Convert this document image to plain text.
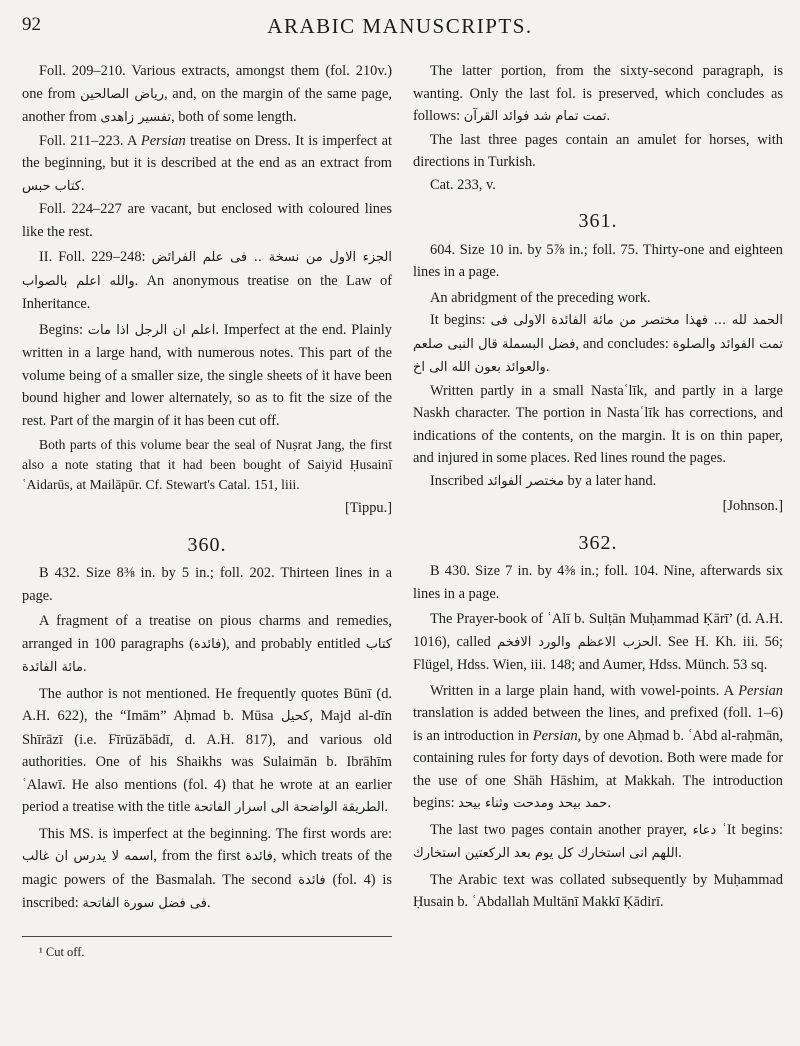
92	ARABIC MANUSCRIPTS.

Foll. 209–210. Various extracts, amongst them (fol. 210v.) one from رياض الصالحين, and, on the margin of the same page, another from تفسير زاهدى, both of some length.

Foll. 211–223. A Persian treatise on Dress. It is imperfect at the beginning, but it is described at the end as an extract from كتاب حبس.

Foll. 224–227 are vacant, but enclosed with coloured lines like the rest.

II. Foll. 229–248: الجزء الاول من نسخة .. فى علم الفرائض والله اعلم بالصواب. An anonymous treatise on the Law of Inheritance.

Begins: اعلم ان الرجل اذا مات. Imperfect at the end. Plainly written in a large hand, with numerous notes. This part of the volume being of a smaller size, the single sheets of it have been bound higher and lower alternately, so as to fit the size of the rest. Part of the margin of it has been cut off.

Both parts of this volume bear the seal of Nuṣrat Jang, the first also a note stating that it had been bought of Saiyid Ḥusainī ʿAidarūs, at Mailāpūr. Cf. Stewart's Catal. 151, liii.

[Tippu.]

360.

B 432. Size 8⅜ in. by 5 in.; foll. 202. Thirteen lines in a page.

A fragment of a treatise on pious charms and remedies, arranged in 100 paragraphs (فائدة), and probably entitled كتاب مائة الفائدة.

The author is not mentioned. He frequently quotes Būnī (d. A.H. 622), the “Imām” Aḥmad b. Mūsa كحيل, Majd al-dīn Shīrāzī (i.e. Fīrūzābādī, d. A.H. 817), and various old authorities. One of his Shaikhs was Sulaimān b. Ibrāhīm ʿAlawī. He also mentions (fol. 4) that he wrote at an earlier period a treatise with the title الطريقة الواضحة الى اسرار الفاتحة.

This MS. is imperfect at the beginning. The first words are: اسمه لا يدرس ان غالب, from the first فائدة, which treats of the magic powers of the Basmalah. The second فائدة (fol. 4) is inscribed: فى فضل سورة الفاتحة.

¹ Cut off.

The latter portion, from the sixty-second paragraph, is wanting. Only the last fol. is preserved, which concludes as follows: تمت تمام شد فوائد القرآن.

The last three pages contain an amulet for horses, with directions in Turkish.

Cat. 233, v.

361.

604. Size 10 in. by 5⅞ in.; foll. 75. Thirty-one and eighteen lines in a page.

An abridgment of the preceding work.

It begins: الحمد لله ... فهذا مختصر من مائة الفائدة الاولى فى فضل البسملة قال النبى صلعم, and concludes: تمت الفوائد والصلوة والعوائد بعون الله الى اخ.

Written partly in a small Nastaʿlīk, and partly in a large Naskh character. The portion in Nastaʿlīk has corrections, and indications of the contents, on the margin. It is on thin paper, and injured in some places. Red lines round the pages.

Inscribed مختصر الفوائد by a later hand.

[Johnson.]

362.

B 430. Size 7 in. by 4⅜ in.; foll. 104. Nine, afterwards six lines in a page.

The Prayer-book of ʿAlī b. Sulṭān Muḥammad Ḳārī’ (d. A.H. 1016), called الحزب الاعظم والورد الافخم. See H. Kh. iii. 56; Flügel, Hdss. Wien, iii. 148; and Aumer, Hdss. Münch. 53 sq.

Written in a large plain hand, with vowel-points. A Persian translation is added between the lines, and prefixed (foll. 1–6) is an introduction in Persian, by one Aḥmad b. ʿAbd al-raḥmān, containing rules for forty days of devotion. Both were made for the use of one Shāh Hāshim, at Makkah. The introduction begins: حمد بيحد ومدحت وثناء بيحد.

The last two pages contain another prayer, دعاء ʿIt begins: اللهم انى استخارك كل يوم بعد الركعتين استخارك.

The Arabic text was collated subsequently by Muḥammad Ḥusain b. ʿAbdallah Multānī Makkī Ḳādirī.
